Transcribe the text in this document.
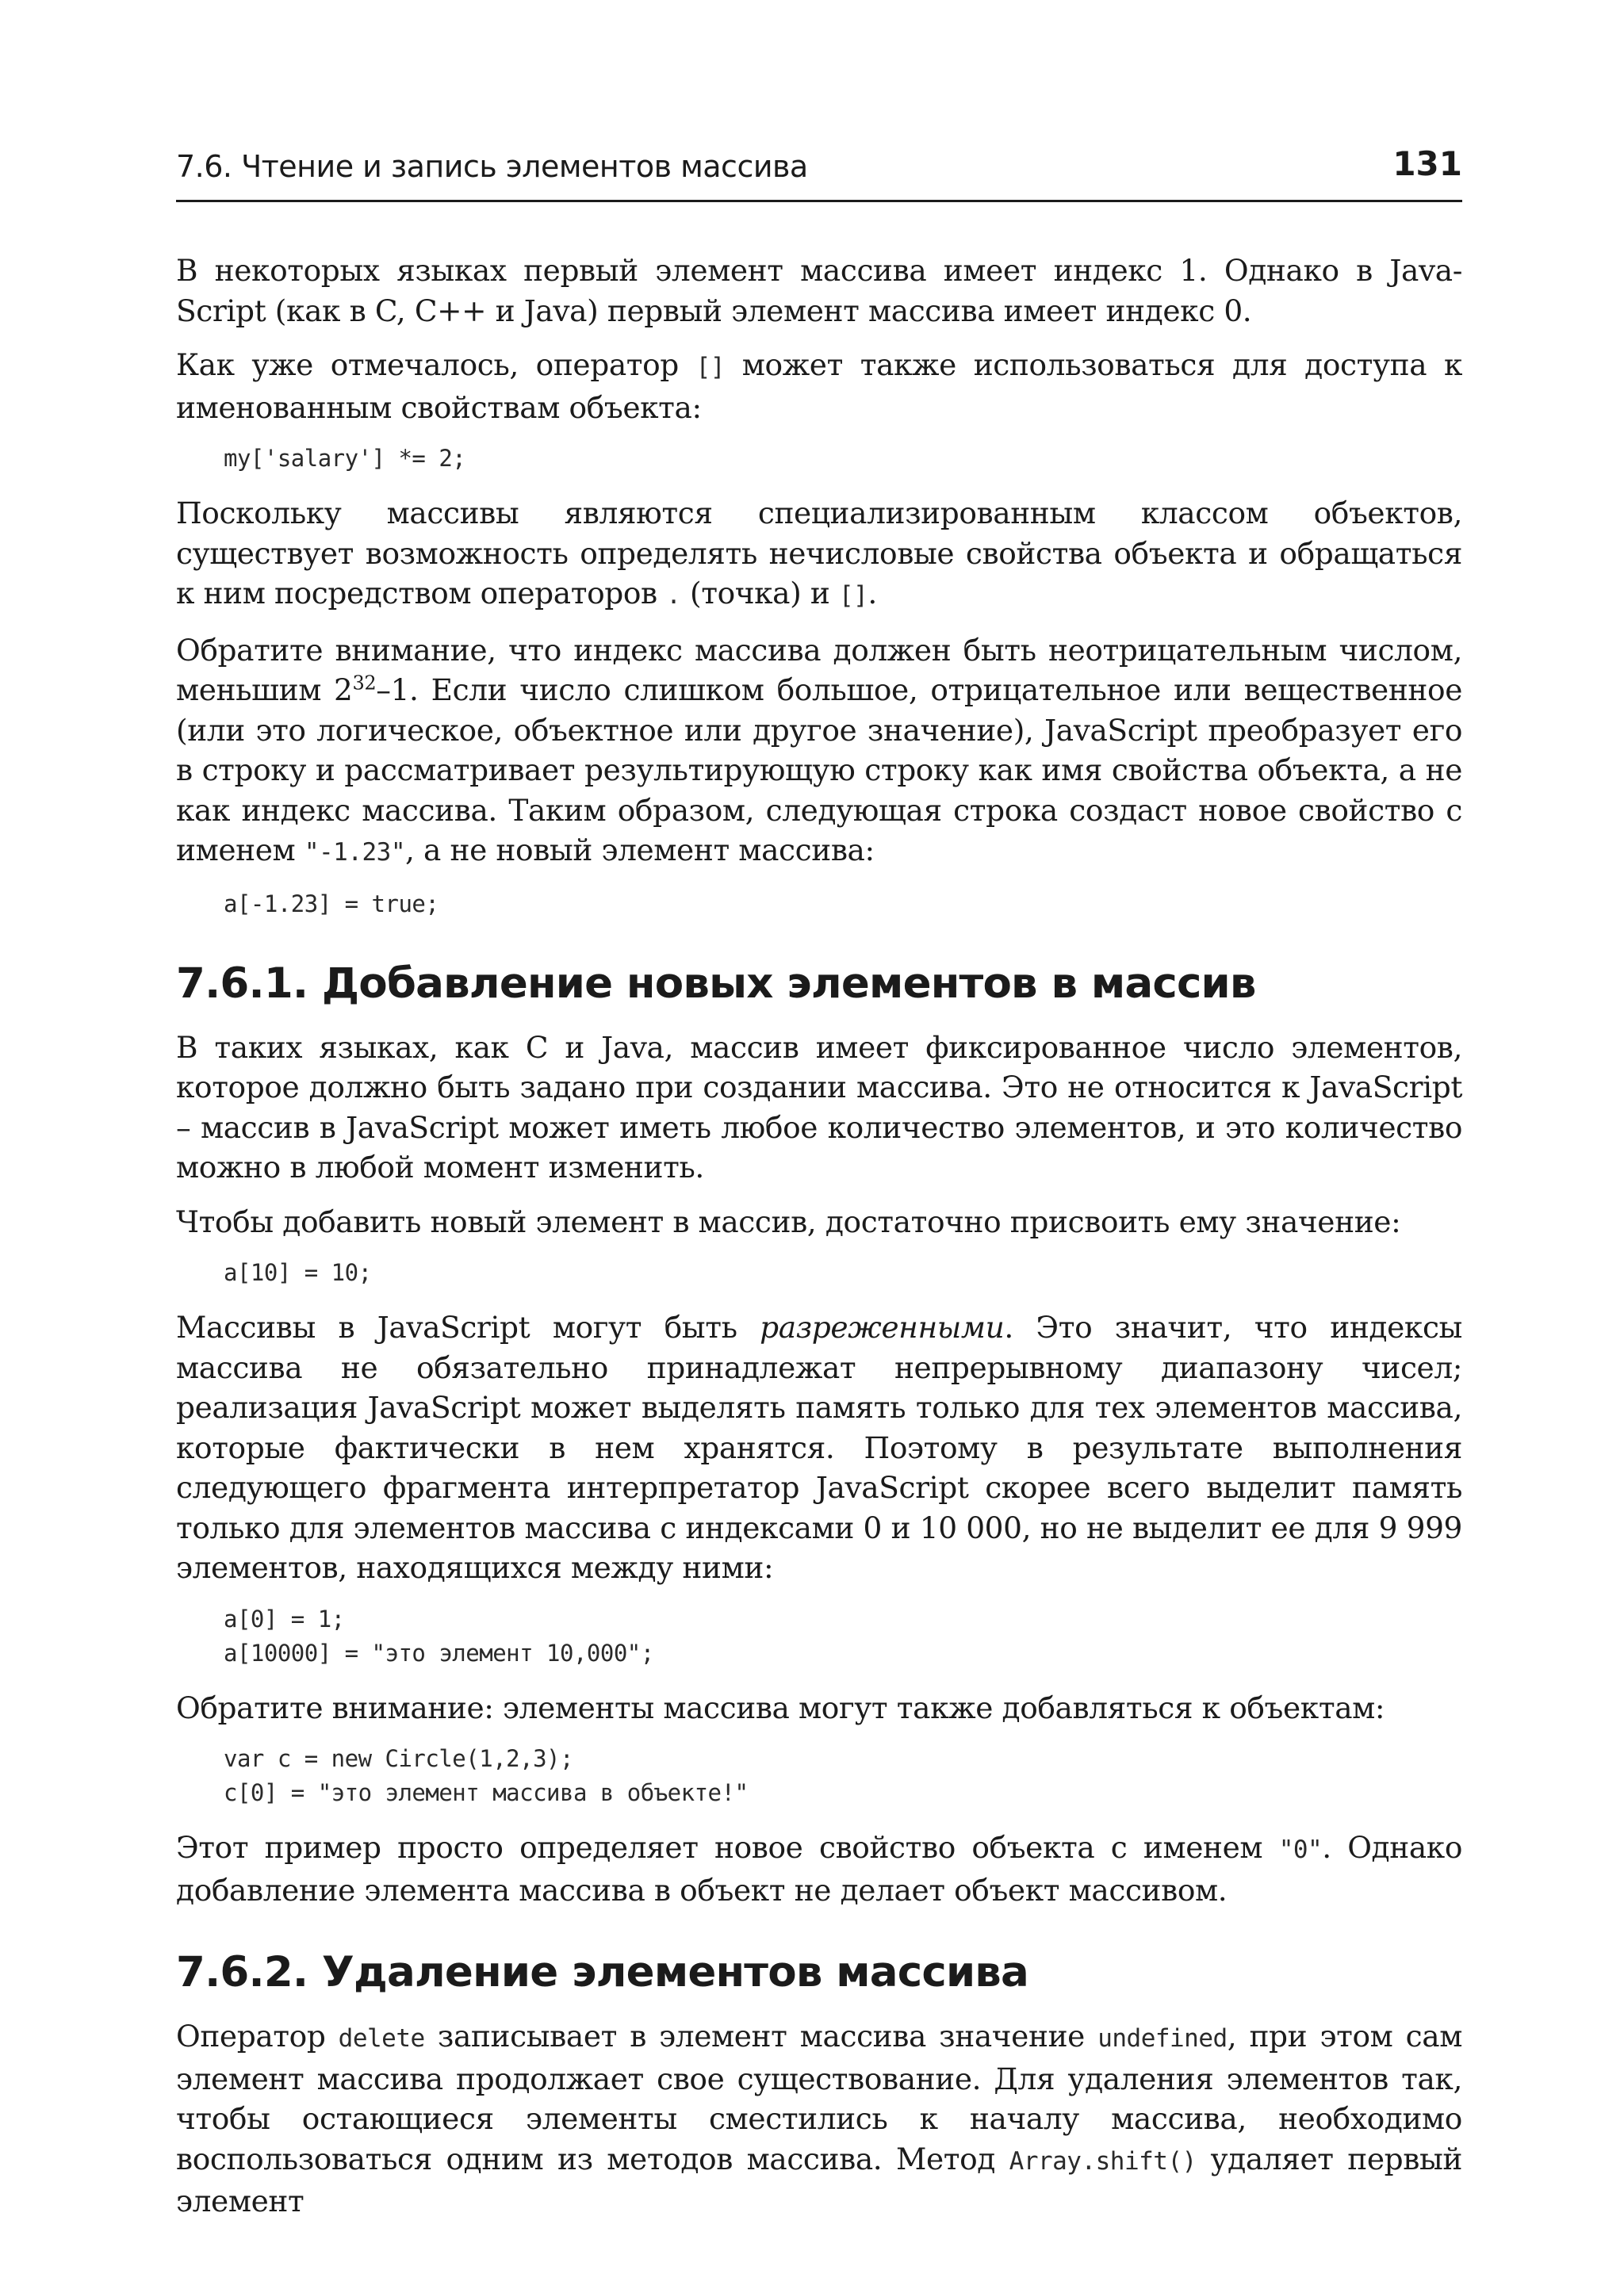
7.6. Чтение и запись элементов массива	131

В некоторых языках первый элемент массива имеет индекс 1. Однако в Java-Script (как в C, C++ и Java) первый элемент массива имеет индекс 0.

Как уже отмечалось, оператор [] может также использоваться для доступа к именованным свойствам объекта:

my['salary'] *= 2;

Поскольку массивы являются специализированным классом объектов, существует возможность определять нечисловые свойства объекта и обращаться к ним посредством операторов . (точка) и [].

Обратите внимание, что индекс массива должен быть неотрицательным числом, меньшим $2^{32}-1$. Если число слишком большое, отрицательное или вещественное (или это логическое, объектное или другое значение), JavaScript преобразует его в строку и рассматривает результирующую строку как имя свойства объекта, а не как индекс массива. Таким образом, следующая строка создаст новое свойство с именем "-1.23", а не новый элемент массива:

a[-1.23] = true;
7.6.1. Добавление новых элементов в массив

В таких языках, как C и Java, массив имеет фиксированное число элементов, которое должно быть задано при создании массива. Это не относится к JavaScript – массив в JavaScript может иметь любое количество элементов, и это количество можно в любой момент изменить.

Чтобы добавить новый элемент в массив, достаточно присвоить ему значение:

a[10] = 10;

Массивы в JavaScript могут быть разреженными. Это значит, что индексы массива не обязательно принадлежат непрерывному диапазону чисел; реализация JavaScript может выделять память только для тех элементов массива, которые фактически в нем хранятся. Поэтому в результате выполнения следующего фрагмента интерпретатор JavaScript скорее всего выделит память только для элементов массива с индексами 0 и 10 000, но не выделит ее для 9 999 элементов, находящихся между ними:

a[0] = 1;
a[10000] = "это элемент 10,000";

Обратите внимание: элементы массива могут также добавляться к объектам:

var c = new Circle(1,2,3);
c[0] = "это элемент массива в объекте!"

Этот пример просто определяет новое свойство объекта с именем "0". Однако добавление элемента массива в объект не делает объект массивом.

7.6.2. Удаление элементов массива

Оператор delete записывает в элемент массива значение undefined, при этом сам элемент массива продолжает свое существование. Для удаления элементов так, чтобы остающиеся элементы сместились к началу массива, необходимо воспользоваться одним из методов массива. Метод Array.shift() удаляет первый элемент
